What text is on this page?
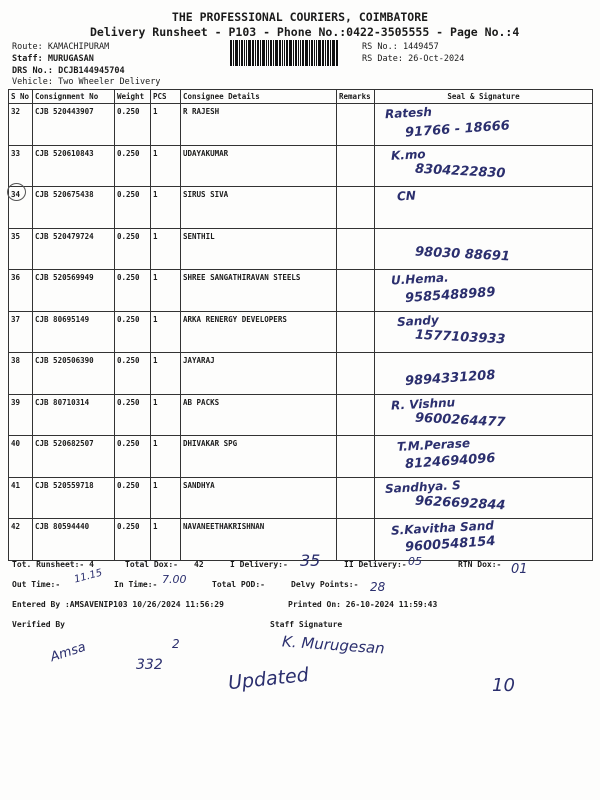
THE PROFESSIONAL COURIERS, COIMBATORE
Delivery Runsheet - P103 - Phone No.:0422-3505555 - Page No.:4
Route: KAMACHIPURAM
Staff: MURUGASAN
DRS No.: DCJB144945704
Vehicle: Two Wheeler Delivery
RS No.: 1449457
RS Date: 26-Oct-2024
S No	Consignment No	Weight	PCS	Consignee Details	Remarks	Seal & Signature
32	CJB 520443907	0.250	1	R RAJESH		Ratesh
91766 - 18666

33	CJB 520610843	0.250	1	UDAYAKUMAR		K.mo
8304222830

34	CJB 520675438	0.250	1	SIRUS SIVA		CN

35	CJB 520479724	0.250	1	SENTHIL		98030 88691

36	CJB 520569949	0.250	1	SHREE SANGATHIRAVAN STEELS		U.Hema.
9585488989

37	CJB 80695149	0.250	1	ARKA RENERGY DEVELOPERS		Sandy
1577103933

38	CJB 520506390	0.250	1	JAYARAJ		9894331208

39	CJB 80710314	0.250	1	AB PACKS		R. Vishnu
9600264477

40	CJB 520682507	0.250	1	DHIVAKAR SPG		T.M.Perase
8124694096

41	CJB 520559718	0.250	1	SANDHYA		Sandhya. S
9626692844

42	CJB 80594440	0.250	1	NAVANEETHAKRISHNAN		S.Kavitha Sand
9600548154
Tot. Runsheet:- 4	Total Dox:- 42	I Delivery:- 35	II Delivery:- 05	RTN Dox:- 01
Out Time:- 11.15 In Time:- 7.00	Total POD:-	Delvy Points:- 28
Entered By :AMSAVENIP103 10/26/2024 11:56:29	Printed On: 26-10-2024 11:59:43
Verified By	Staff Signature
Amsa	2
332
K. Murugesan
Updated	10
